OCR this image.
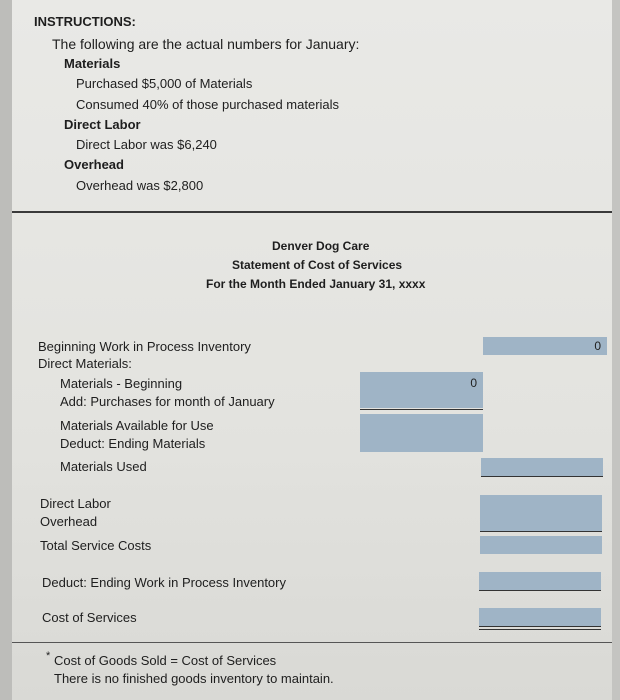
INSTRUCTIONS:
The following are the actual numbers for January:
Materials
Purchased $5,000 of Materials
Consumed 40% of those purchased materials
Direct Labor
Direct Labor was $6,240
Overhead
Overhead was $2,800
Denver Dog Care
Statement of Cost of Services
For the Month Ended January 31, xxxx
Beginning Work in Process Inventory
Direct Materials:
Materials - Beginning
Add: Purchases for month of January
Materials Available for Use
Deduct: Ending Materials
Materials Used
Direct Labor
Overhead
Total Service Costs
Deduct: Ending Work in Process Inventory
Cost of Services
0
0
* Cost of Goods Sold = Cost of Services
There is no finished goods inventory to maintain.
